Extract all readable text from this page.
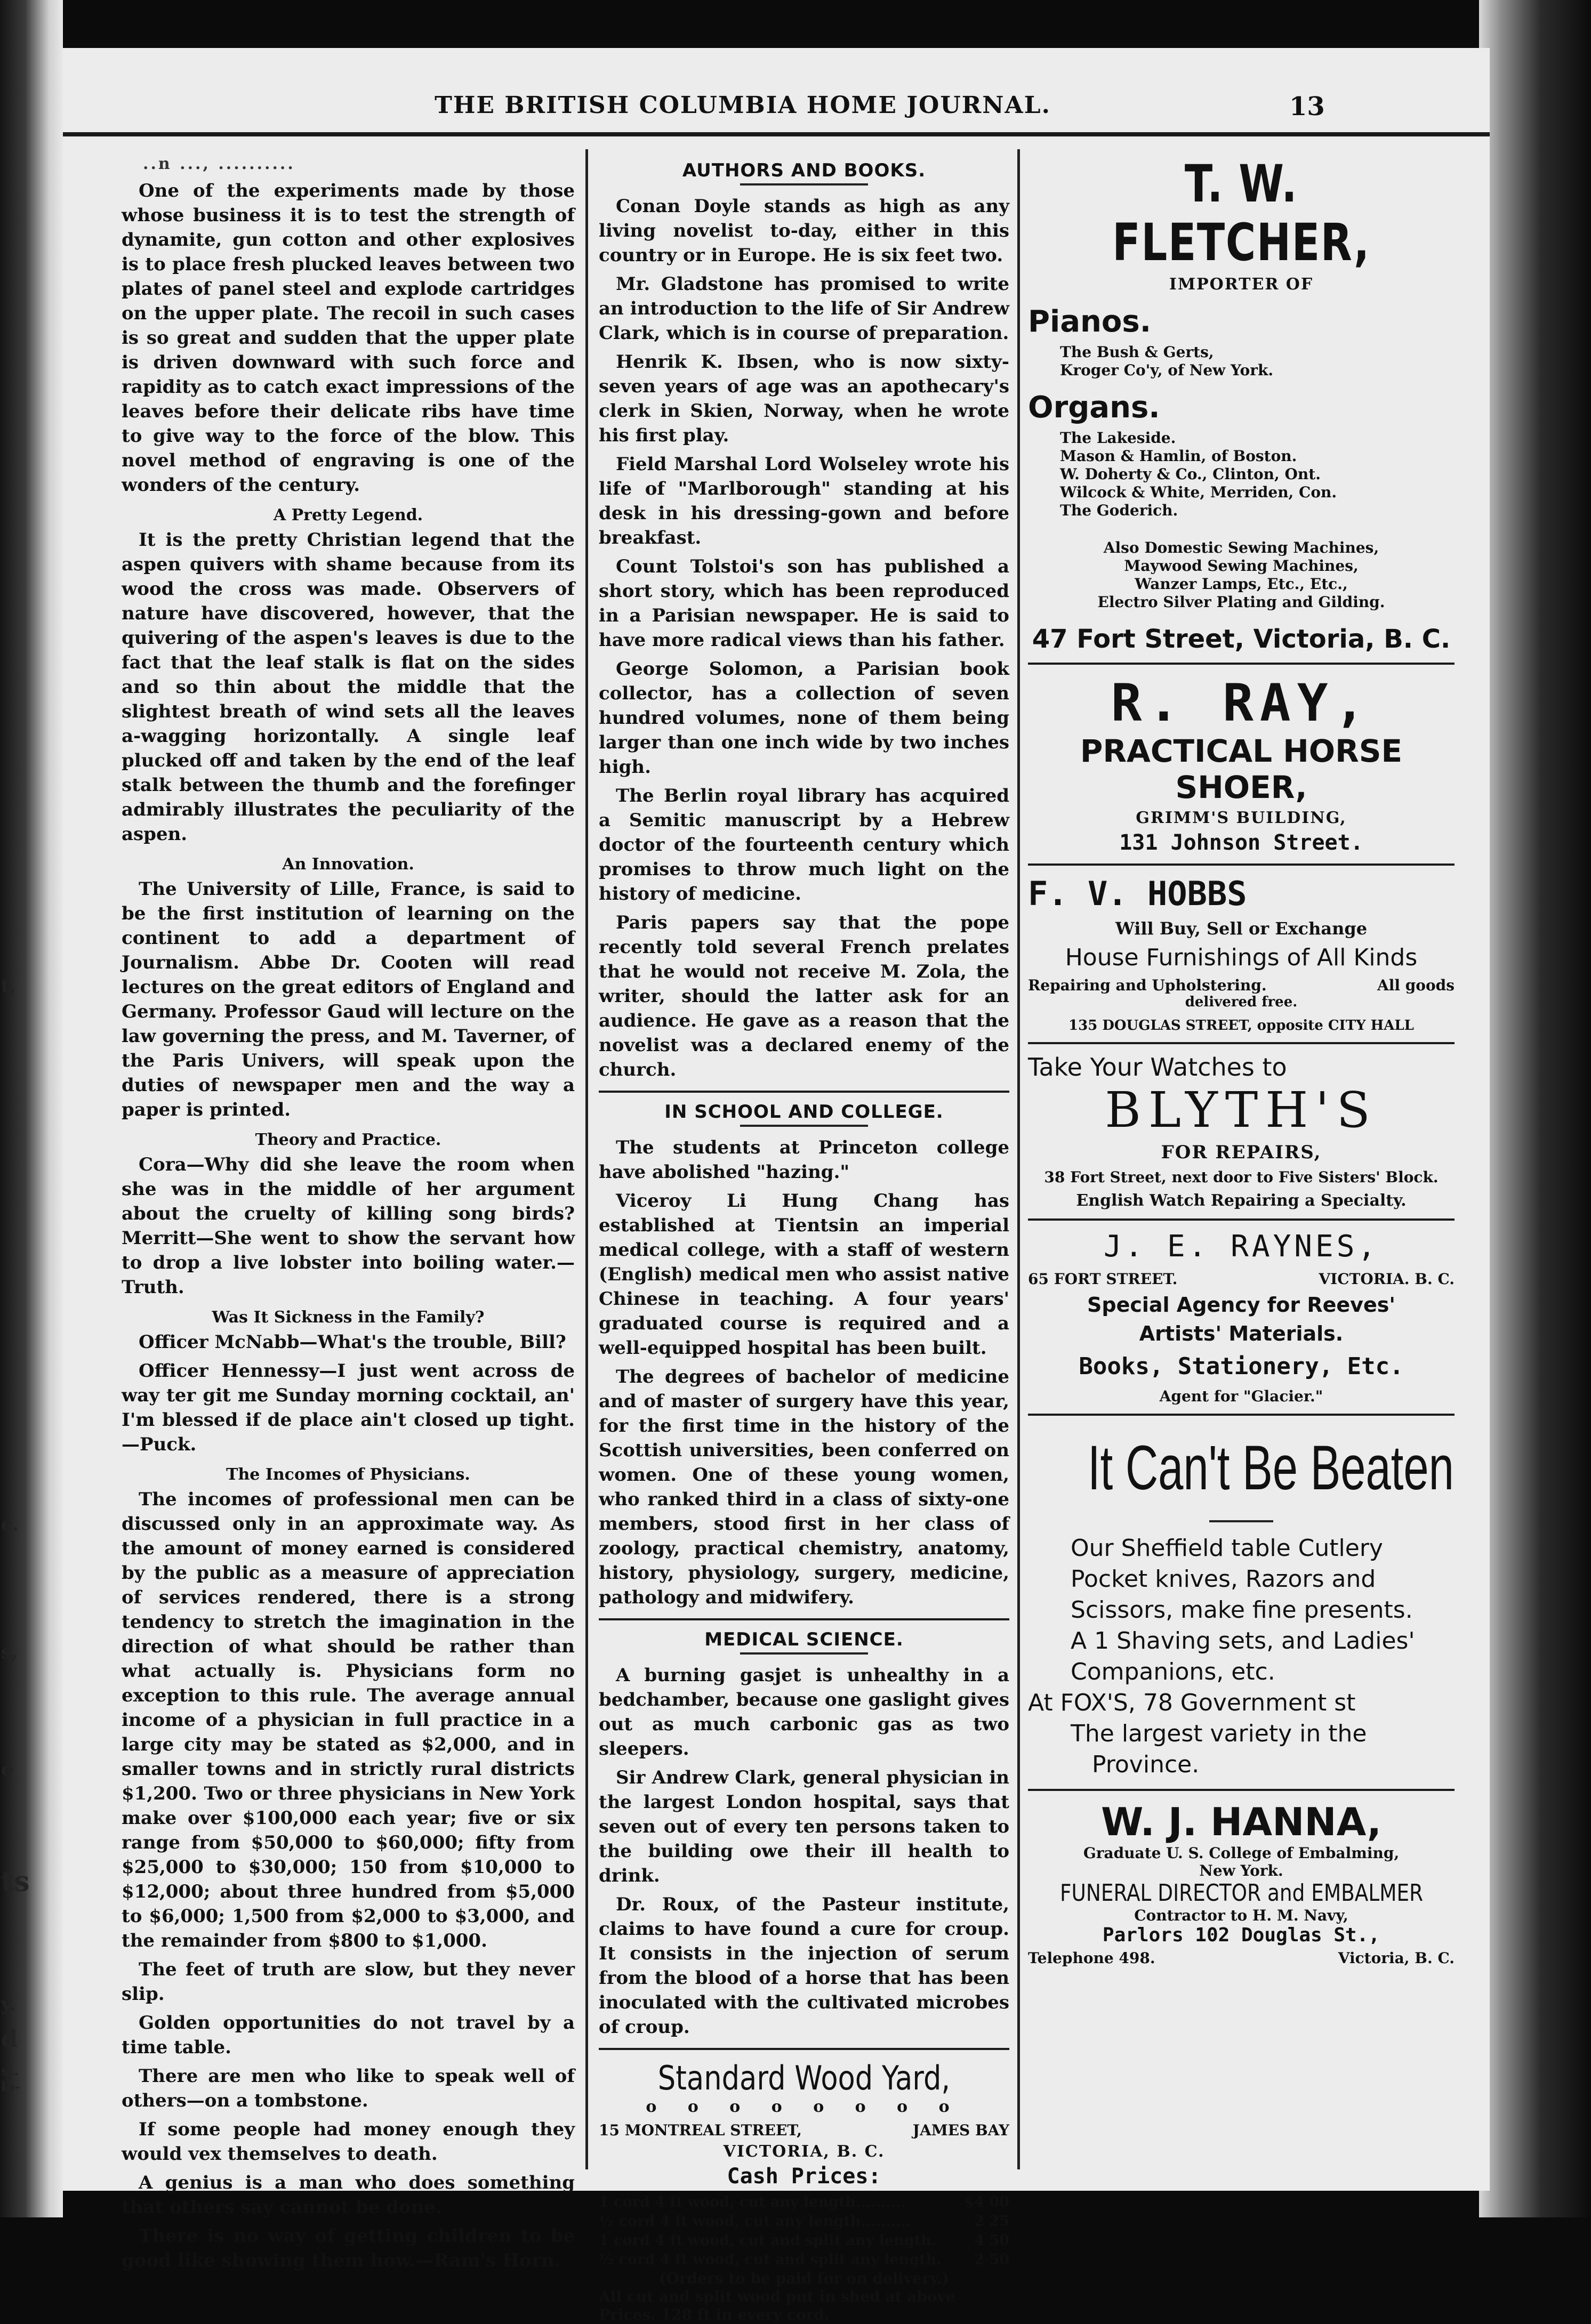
t,
c.
s,
o
ts
y.
d
st.
lo-
THE BRITISH COLUMBIA HOME JOURNAL.	13
..n ..., ..........

One of the experiments made by those whose business it is to test the strength of dynamite, gun cotton and other explosives is to place fresh plucked leaves between two plates of panel steel and explode cartridges on the upper plate. The recoil in such cases is so great and sudden that the upper plate is driven downward with such force and rapidity as to catch exact impressions of the leaves before their delicate ribs have time to give way to the force of the blow. This novel method of engraving is one of the wonders of the century.

A Pretty Legend.

It is the pretty Christian legend that the aspen quivers with shame because from its wood the cross was made. Observers of nature have discovered, however, that the quivering of the aspen's leaves is due to the fact that the leaf stalk is flat on the sides and so thin about the middle that the slightest breath of wind sets all the leaves a-wagging horizontally. A single leaf plucked off and taken by the end of the leaf stalk between the thumb and the forefinger admirably illustrates the peculiarity of the aspen.

An Innovation.

The University of Lille, France, is said to be the first institution of learning on the continent to add a department of Journalism. Abbe Dr. Cooten will read lectures on the great editors of England and Germany. Professor Gaud will lecture on the law governing the press, and M. Taverner, of the Paris Univers, will speak upon the duties of newspaper men and the way a paper is printed.

Theory and Practice.

Cora—Why did she leave the room when she was in the middle of her argument about the cruelty of killing song birds? Merritt—She went to show the servant how to drop a live lobster into boiling water.—Truth.

Was It Sickness in the Family?

Officer McNabb—What's the trouble, Bill?

Officer Hennessy—I just went across de way ter git me Sunday morning cocktail, an' I'm blessed if de place ain't closed up tight.—Puck.

The Incomes of Physicians.

The incomes of professional men can be discussed only in an approximate way. As the amount of money earned is considered by the public as a measure of appreciation of services rendered, there is a strong tendency to stretch the imagination in the direction of what should be rather than what actually is. Physicians form no exception to this rule. The average annual income of a physician in full practice in a large city may be stated as $2,000, and in smaller towns and in strictly rural districts $1,200. Two or three physicians in New York make over $100,000 each year; five or six range from $50,000 to $60,000; fifty from $25,000 to $30,000; 150 from $10,000 to $12,000; about three hundred from $5,000 to $6,000; 1,500 from $2,000 to $3,000, and the remainder from $800 to $1,000.

The feet of truth are slow, but they never slip.

Golden opportunities do not travel by a time table.

There are men who like to speak well of others—on a tombstone.

If some people had money enough they would vex themselves to death.

A genius is a man who does something that others say cannot be done.

There is no way of getting children to be good like showing them how.—Ram's Horn.

AUTHORS AND BOOKS.

Conan Doyle stands as high as any living novelist to-day, either in this country or in Europe. He is six feet two.

Mr. Gladstone has promised to write an introduction to the life of Sir Andrew Clark, which is in course of preparation.

Henrik K. Ibsen, who is now sixty-seven years of age was an apothecary's clerk in Skien, Norway, when he wrote his first play.

Field Marshal Lord Wolseley wrote his life of "Marlborough" standing at his desk in his dressing-gown and before breakfast.

Count Tolstoi's son has published a short story, which has been reproduced in a Parisian newspaper. He is said to have more radical views than his father.

George Solomon, a Parisian book collector, has a collection of seven hundred volumes, none of them being larger than one inch wide by two inches high.

The Berlin royal library has acquired a Semitic manuscript by a Hebrew doctor of the fourteenth century which promises to throw much light on the history of medicine.

Paris papers say that the pope recently told several French prelates that he would not receive M. Zola, the writer, should the latter ask for an audience. He gave as a reason that the novelist was a declared enemy of the church.

IN SCHOOL AND COLLEGE.

The students at Princeton college have abolished "hazing."

Viceroy Li Hung Chang has established at Tientsin an imperial medical college, with a staff of western (English) medical men who assist native Chinese in teaching. A four years' graduated course is required and a well-equipped hospital has been built.

The degrees of bachelor of medicine and of master of surgery have this year, for the first time in the history of the Scottish universities, been conferred on women. One of these young women, who ranked third in a class of sixty-one members, stood first in her class of zoology, practical chemistry, anatomy, history, physiology, surgery, medicine, pathology and midwifery.

MEDICAL SCIENCE.

A burning gasjet is unhealthy in a bedchamber, because one gaslight gives out as much carbonic gas as two sleepers.

Sir Andrew Clark, general physician in the largest London hospital, says that seven out of every ten persons taken to the building owe their ill health to drink.

Dr. Roux, of the Pasteur institute, claims to have found a cure for croup. It consists in the injection of serum from the blood of a horse that has been inoculated with the cultivated microbes of croup.

Standard Wood Yard,
o o o o o o o o
15 MONTREAL STREET,	JAMES BAY
VICTORIA, B. C.
Cash Prices:
1 cord 4 ft wood, cut any length..........	$4 00
½ cord 4 ft wood, cut any length..........	2 25
1 cord 4 ft wood, cut and split any length.	4 50
½ cord 4 ft wood, cut and split any length. 2 50
(Orders to be paid for on delivery.)
All cut and split wood put in shed at above Prices. 128 ft in every cord.
T. W. FLETCHER,
IMPORTER OF
Pianos.
The Bush & Gerts,
Kroger Co'y, of New York.
Organs.
The Lakeside.
Mason & Hamlin, of Boston.
W. Doherty & Co., Clinton, Ont.
Wilcock & White, Merriden, Con.
The Goderich.
Also Domestic Sewing Machines,
Maywood Sewing Machines,
Wanzer Lamps, Etc., Etc.,
Electro Silver Plating and Gilding.
47 Fort Street, Victoria, B. C.
R. RAY,
PRACTICAL HORSE SHOER,
GRIMM'S BUILDING,
131 Johnson Street.
F. V. HOBBS
Will Buy, Sell or Exchange
House Furnishings of All Kinds
Repairing and Upholstering.	All goods
delivered free.
135 DOUGLAS STREET, opposite CITY HALL
Take Your Watches to
BLYTH'S
FOR REPAIRS,
38 Fort Street, next door to Five Sisters' Block.
English Watch Repairing a Specialty.
J. E. RAYNES,
65 FORT STREET.	VICTORIA. B. C.
Special Agency for Reeves'
Artists' Materials.
Books, Stationery, Etc.
Agent for "Glacier."
It Can't Be Beaten
Our Sheffield table Cutlery
Pocket knives, Razors and
Scissors, make fine presents.
A 1 Shaving sets, and Ladies'
Companions, etc.
At FOX'S, 78 Government st
The largest variety in the
Province.
W. J. HANNA,
Graduate U. S. College of Embalming,
New York.
FUNERAL DIRECTOR and EMBALMER
Contractor to H. M. Navy,
Parlors 102 Douglas St.,
Telephone 498.	Victoria, B. C.
